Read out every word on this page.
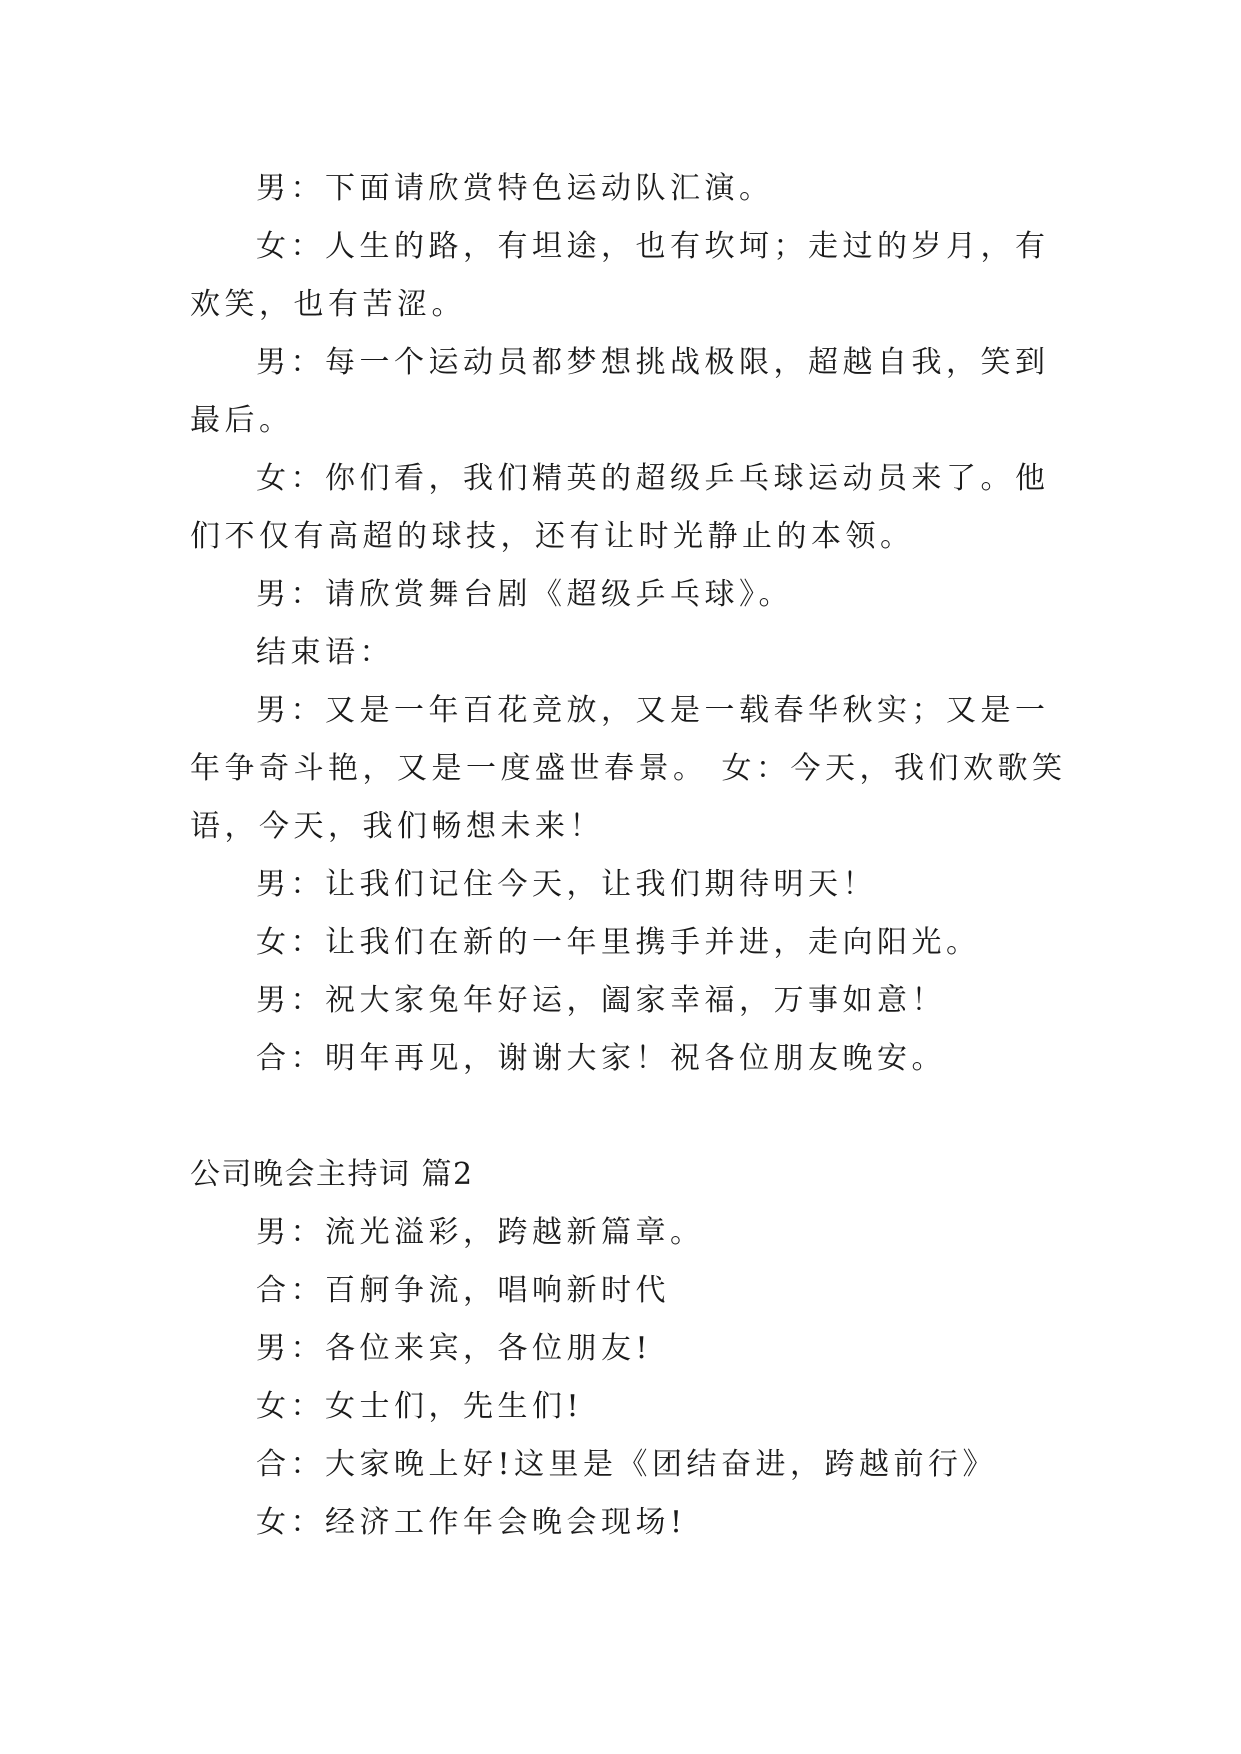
男：下面请欣赏特色运动队汇演。

女：人生的路，有坦途，也有坎坷；走过的岁月，有欢笑，也有苦涩。

男：每一个运动员都梦想挑战极限，超越自我，笑到最后。

女：你们看，我们精英的超级乒乓球运动员来了。他们不仅有高超的球技，还有让时光静止的本领。

男：请欣赏舞台剧《超级乒乓球》。

结束语：

男：又是一年百花竞放，又是一载春华秋实；又是一年争奇斗艳，又是一度盛世春景。 女：今天，我们欢歌笑语，今天，我们畅想未来！

男：让我们记住今天，让我们期待明天！

女：让我们在新的一年里携手并进，走向阳光。

男：祝大家兔年好运，阖家幸福，万事如意！

合：明年再见，谢谢大家！祝各位朋友晚安。

公司晚会主持词 篇2

男：流光溢彩，跨越新篇章。

合：百舸争流，唱响新时代

男：各位来宾，各位朋友!

女：女士们，先生们!

合：大家晚上好!这里是《团结奋进，跨越前行》

女：经济工作年会晚会现场!
